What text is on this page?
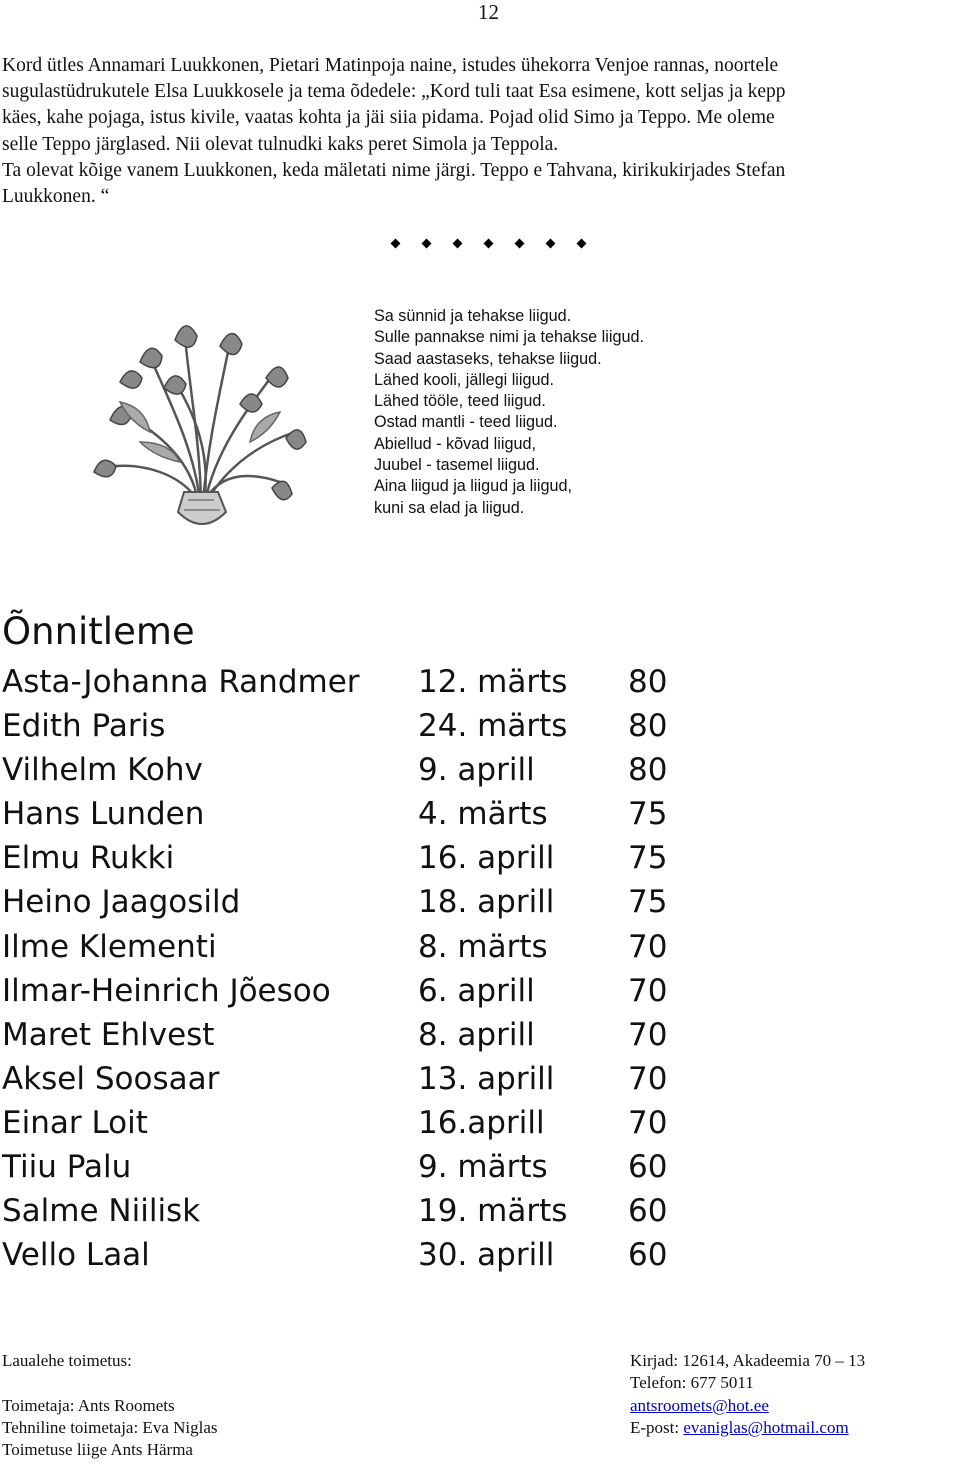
12
Kord ütles Annamari Luukkonen, Pietari Matinpoja naine, istudes ühekorra Venjoe rannas, noortele
sugulastüdrukutele Elsa Luukkosele ja tema õdedele: „Kord tuli taat Esa esimene, kott seljas ja kepp
käes, kahe pojaga, istus kivile, vaatas kohta ja jäi siia pidama. Pojad olid Simo ja Teppo. Me oleme
selle Teppo järglased. Nii olevat tulnudki kaks peret Simola ja Teppola.
Ta olevat kõige vanem Luukkonen, keda mäletati nime järgi. Teppo e Tahvana, kirikukirjades Stefan
Luukkonen. “
Sa sünnid ja tehakse liigud.
Sulle pannakse nimi ja tehakse liigud.
Saad aastaseks, tehakse liigud.
Lähed kooli, jällegi liigud.
Lähed tööle, teed liigud.
Ostad mantli - teed liigud.
Abiellud - kõvad liigud,
Juubel - tasemel liigud.
Aina liigud ja liigud ja liigud,
kuni sa elad ja liigud.
Õnnitleme
Asta-Johanna Randmer 12. märts 80
Edith Paris	24. märts 80
Vilhelm Kohv	9. aprill	80
Hans Lunden	4. märts	75
Elmu Rukki	16. aprill	75
Heino Jaagosild	18. aprill	75
Ilme Klementi	8. märts	70
Ilmar-Heinrich Jõesoo	6. aprill	70
Maret Ehlvest	8. aprill	70
Aksel Soosaar	13. aprill	70
Einar Loit	16.aprill	70
Tiiu Palu	9. märts	60
Salme Niilisk	19. märts 60
Vello Laal	30. aprill	60
Laualehe toimetus:
Toimetaja: Ants Roomets
Tehniline toimetaja: Eva Niglas
Toimetuse liige Ants Härma
Kirjad: 12614, Akadeemia 70 – 13
Telefon: 677 5011
antsroomets@hot.ee
E-post: evaniglas@hotmail.com
